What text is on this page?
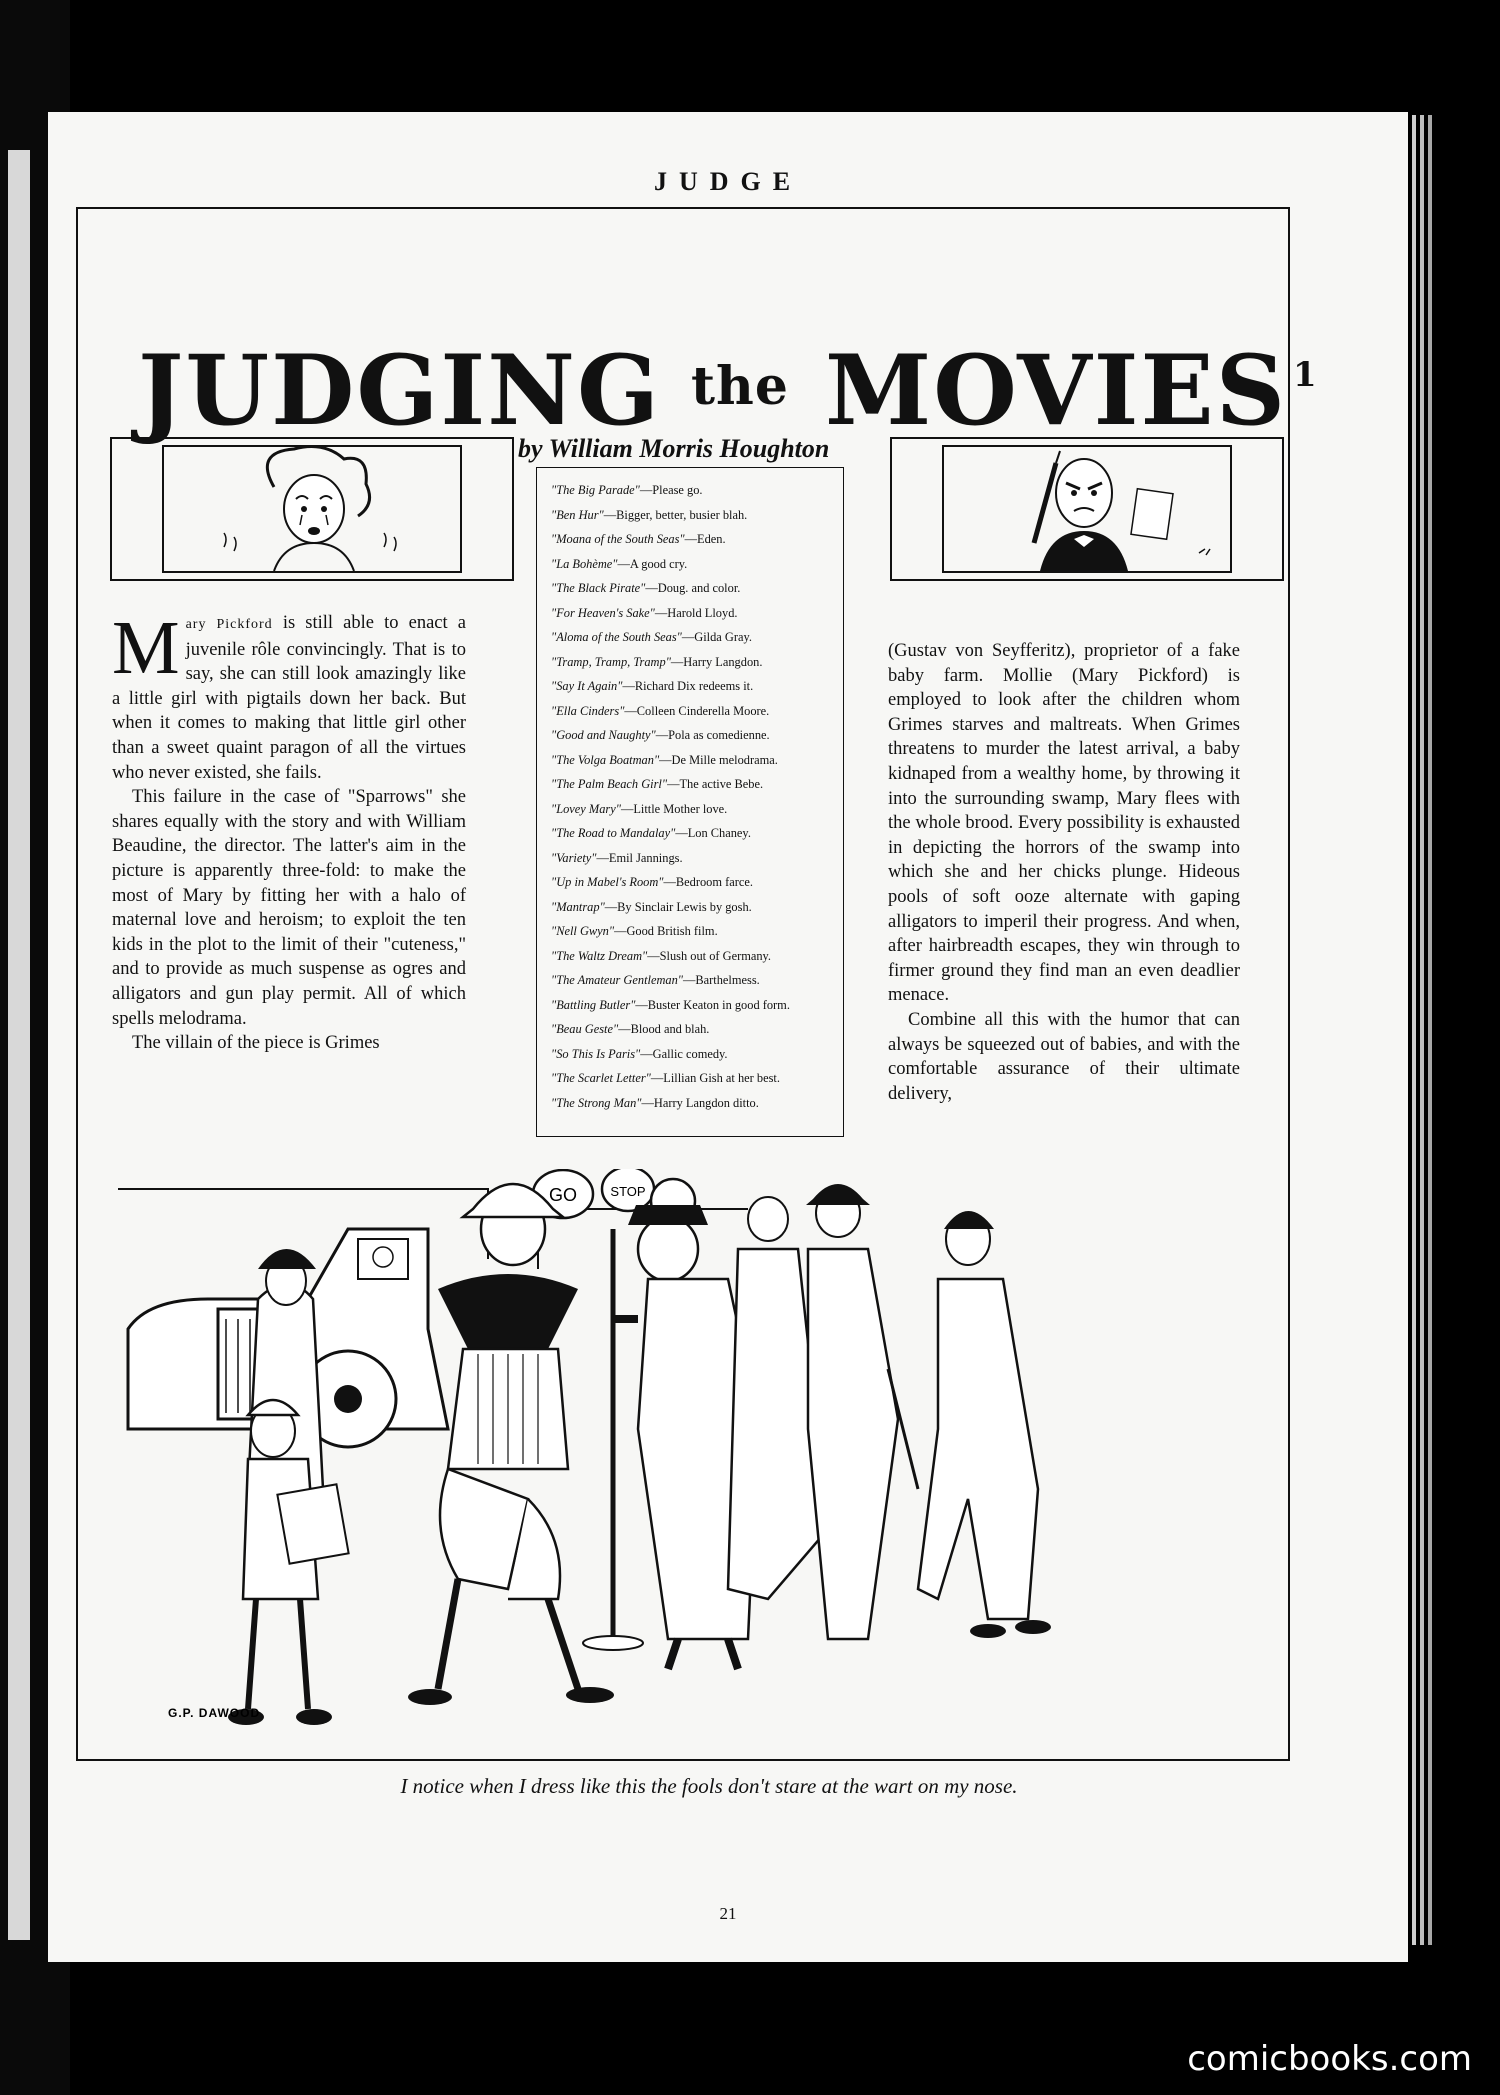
JUDGE
JUDGING $^{the}$ MOVIES $^1$
by William Morris Houghton

Mary Pickford is still able to enact a juvenile rôle convincingly. That is to say, she can still look amazingly like a little girl with pigtails down her back. But when it comes to making that little girl other than a sweet quaint paragon of all the virtues who never existed, she fails.

This failure in the case of "Sparrows" she shares equally with the story and with William Beaudine, the director. The latter's aim in the picture is apparently three-fold: to make the most of Mary by fitting her with a halo of maternal love and heroism; to exploit the ten kids in the plot to the limit of their "cuteness," and to provide as much suspense as ogres and alligators and gun play permit. All of which spells melodrama.

The villain of the piece is Grimes

"The Big Parade"—Please go.
"Ben Hur"—Bigger, better, busier blah.
"Moana of the South Seas"—Eden.
"La Bohème"—A good cry.
"The Black Pirate"—Doug. and color.
"For Heaven's Sake"—Harold Lloyd.
"Aloma of the South Seas"—Gilda Gray.
"Tramp, Tramp, Tramp"—Harry Langdon.
"Say It Again"—Richard Dix redeems it.
"Ella Cinders"—Colleen Cinderella Moore.
"Good and Naughty"—Pola as comedienne.
"The Volga Boatman"—De Mille melodrama.
"The Palm Beach Girl"—The active Bebe.
"Lovey Mary"—Little Mother love.
"The Road to Mandalay"—Lon Chaney.
"Variety"—Emil Jannings.
"Up in Mabel's Room"—Bedroom farce.
"Mantrap"—By Sinclair Lewis by gosh.
"Nell Gwyn"—Good British film.
"The Waltz Dream"—Slush out of Germany.
"The Amateur Gentleman"—Barthelmess.
"Battling Butler"—Buster Keaton in good form.
"Beau Geste"—Blood and blah.
"So This Is Paris"—Gallic comedy.
"The Scarlet Letter"—Lillian Gish at her best.
"The Strong Man"—Harry Langdon ditto.

(Gustav von Seyfferitz), proprietor of a fake baby farm. Mollie (Mary Pickford) is employed to look after the children whom Grimes starves and maltreats. When Grimes threatens to murder the latest arrival, a baby kidnaped from a wealthy home, by throwing it into the surrounding swamp, Mary flees with the whole brood. Every possibility is exhausted in depicting the horrors of the swamp into which she and her chicks plunge. Hideous pools of soft ooze alternate with gaping alligators to imperil their progress. And when, after hairbreadth escapes, they win through to firmer ground they find man an even deadlier menace.

Combine all this with the humor that can always be squeezed out of babies, and with the comfortable assurance of their ultimate delivery,

GO	STOP
G.P. DAWOOD
I notice when I dress like this the fools don't stare at the wart on my nose.
21
comicbooks.com
